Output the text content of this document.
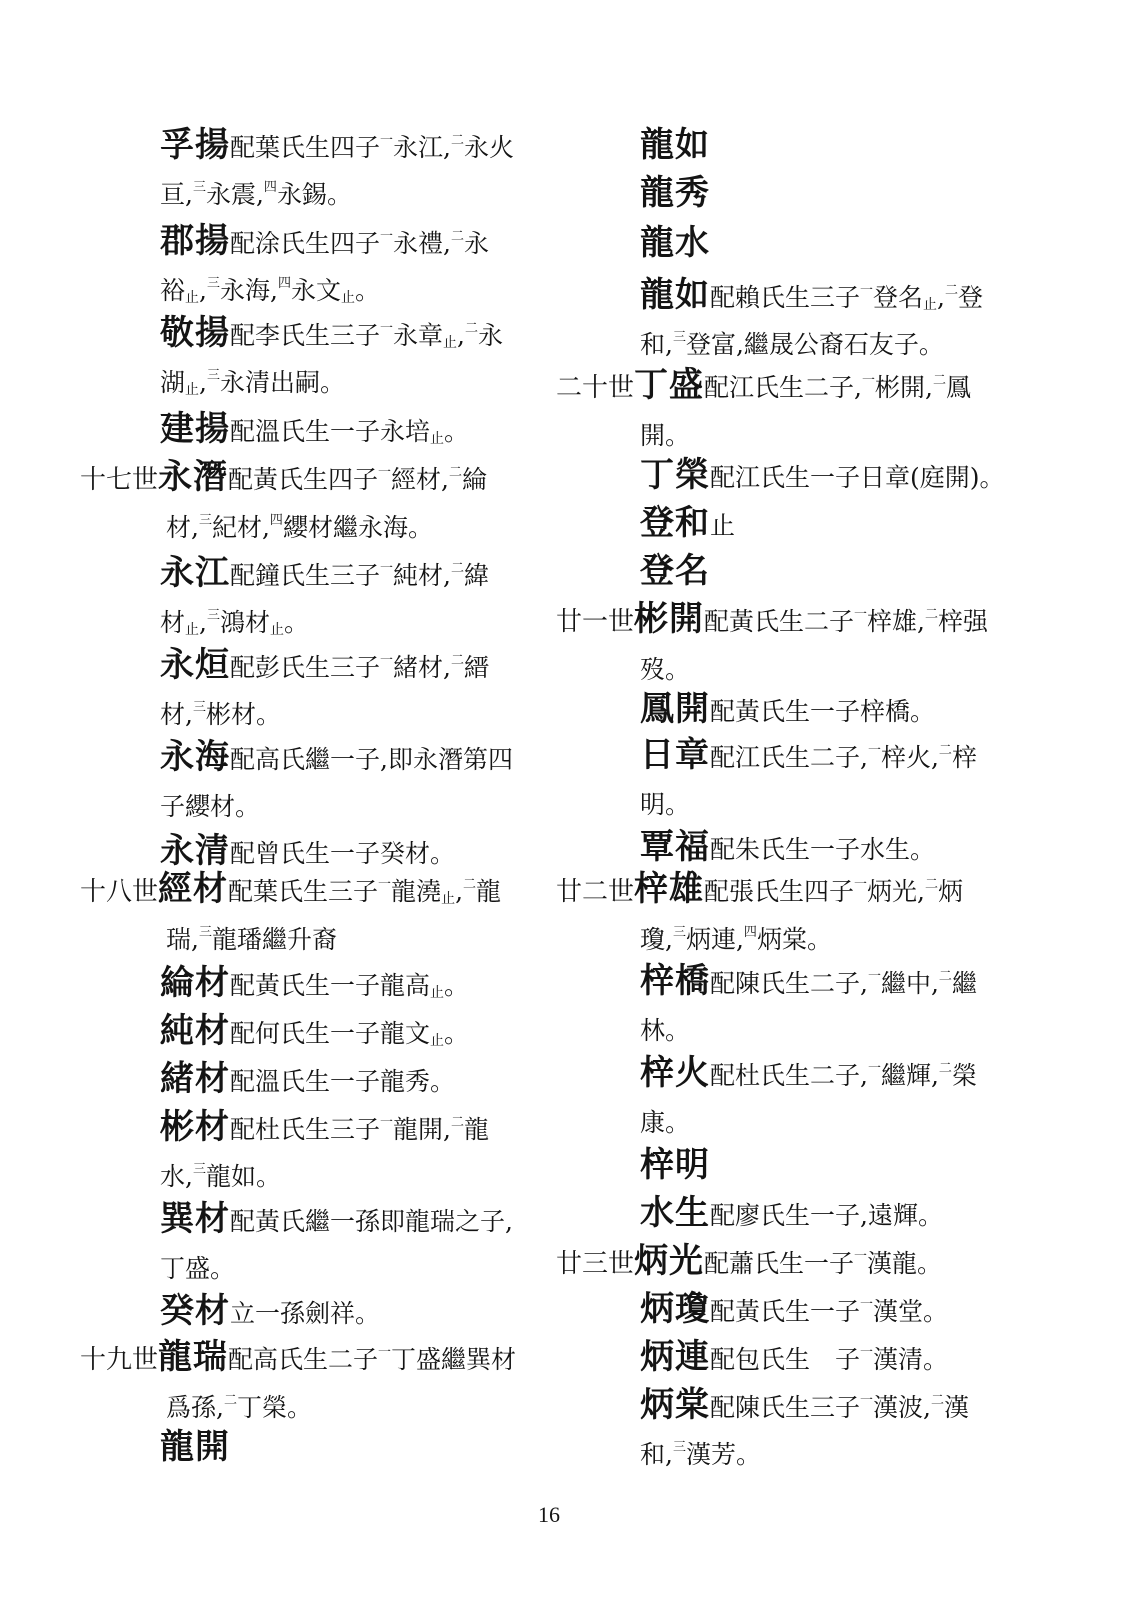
孚揚配葉氏生四子$^一$永江,$^二$永火
亘,$^三$永震,$^四$永錫。
郡揚配涂氏生四子$^一$永禮,$^二$永
裕$_止$,$^三$永海,$^四$永文$_止$。
敬揚配李氏生三子$^一$永章$_止$,$^二$永
湖$_止$,$^三$永清出嗣。
建揚配溫氏生一子永培$_止$。
十七世永潛配黃氏生四子$^一$經材,$^二$綸
材,$^三$紀材,$^四$纓材繼永海。
永江配鐘氏生三子$^一$純材,$^二$緯
材$_止$,$^三$鴻材$_止$。
永烜配彭氏生三子$^一$緒材,$^二$縉
材,$^三$彬材。
永海配高氏繼一子,即永潛第四
子纓材。
永清配曾氏生一子癸材。
十八世經材配葉氏生三子$^一$龍澆$_止$,$^二$龍
瑞,$^三$龍璠繼升裔
綸材配黃氏生一子龍高$_止$。
純材配何氏生一子龍文$_止$。
緒材配溫氏生一子龍秀。
彬材配杜氏生三子$^一$龍開,$^二$龍
水,$^三$龍如。
巽材配黃氏繼一孫即龍瑞之子,
丁盛。
癸材立一孫劍祥。
十九世龍瑞配高氏生二子$^一$丁盛繼巽材
爲孫,$^二$丁榮。
龍開
龍如
龍秀
龍水
龍如配賴氏生三子$^一$登名$_止$,$^二$登
和,$^三$登富,繼晟公裔石友子。
二十世丁盛配江氏生二子,$^一$彬開,$^二$鳳
開。
丁榮配江氏生一子日章(庭開)。
登和止
登名
廿一世彬開配黃氏生二子$^一$梓雄,$^二$梓强
歿。
鳳開配黃氏生一子梓橋。
日章配江氏生二子,$^一$梓火,$^二$梓
明。
覃福配朱氏生一子水生。
廿二世梓雄配張氏生四子$^一$炳光,$^二$炳
瓊,$^三$炳連,$^四$炳棠。
梓橋配陳氏生二子,$^一$繼中,$^二$繼
林。
梓火配杜氏生二子,$^一$繼輝,$^二$榮
康。
梓明
水生配廖氏生一子,遠輝。
廿三世炳光配蕭氏生一子$^一$漢龍。
炳瓊配黃氏生一子$^一$漢堂。
炳連配包氏生　子$^一$漢清。
炳棠配陳氏生三子$^一$漢波,$^二$漢
和,$^三$漢芳。
16
